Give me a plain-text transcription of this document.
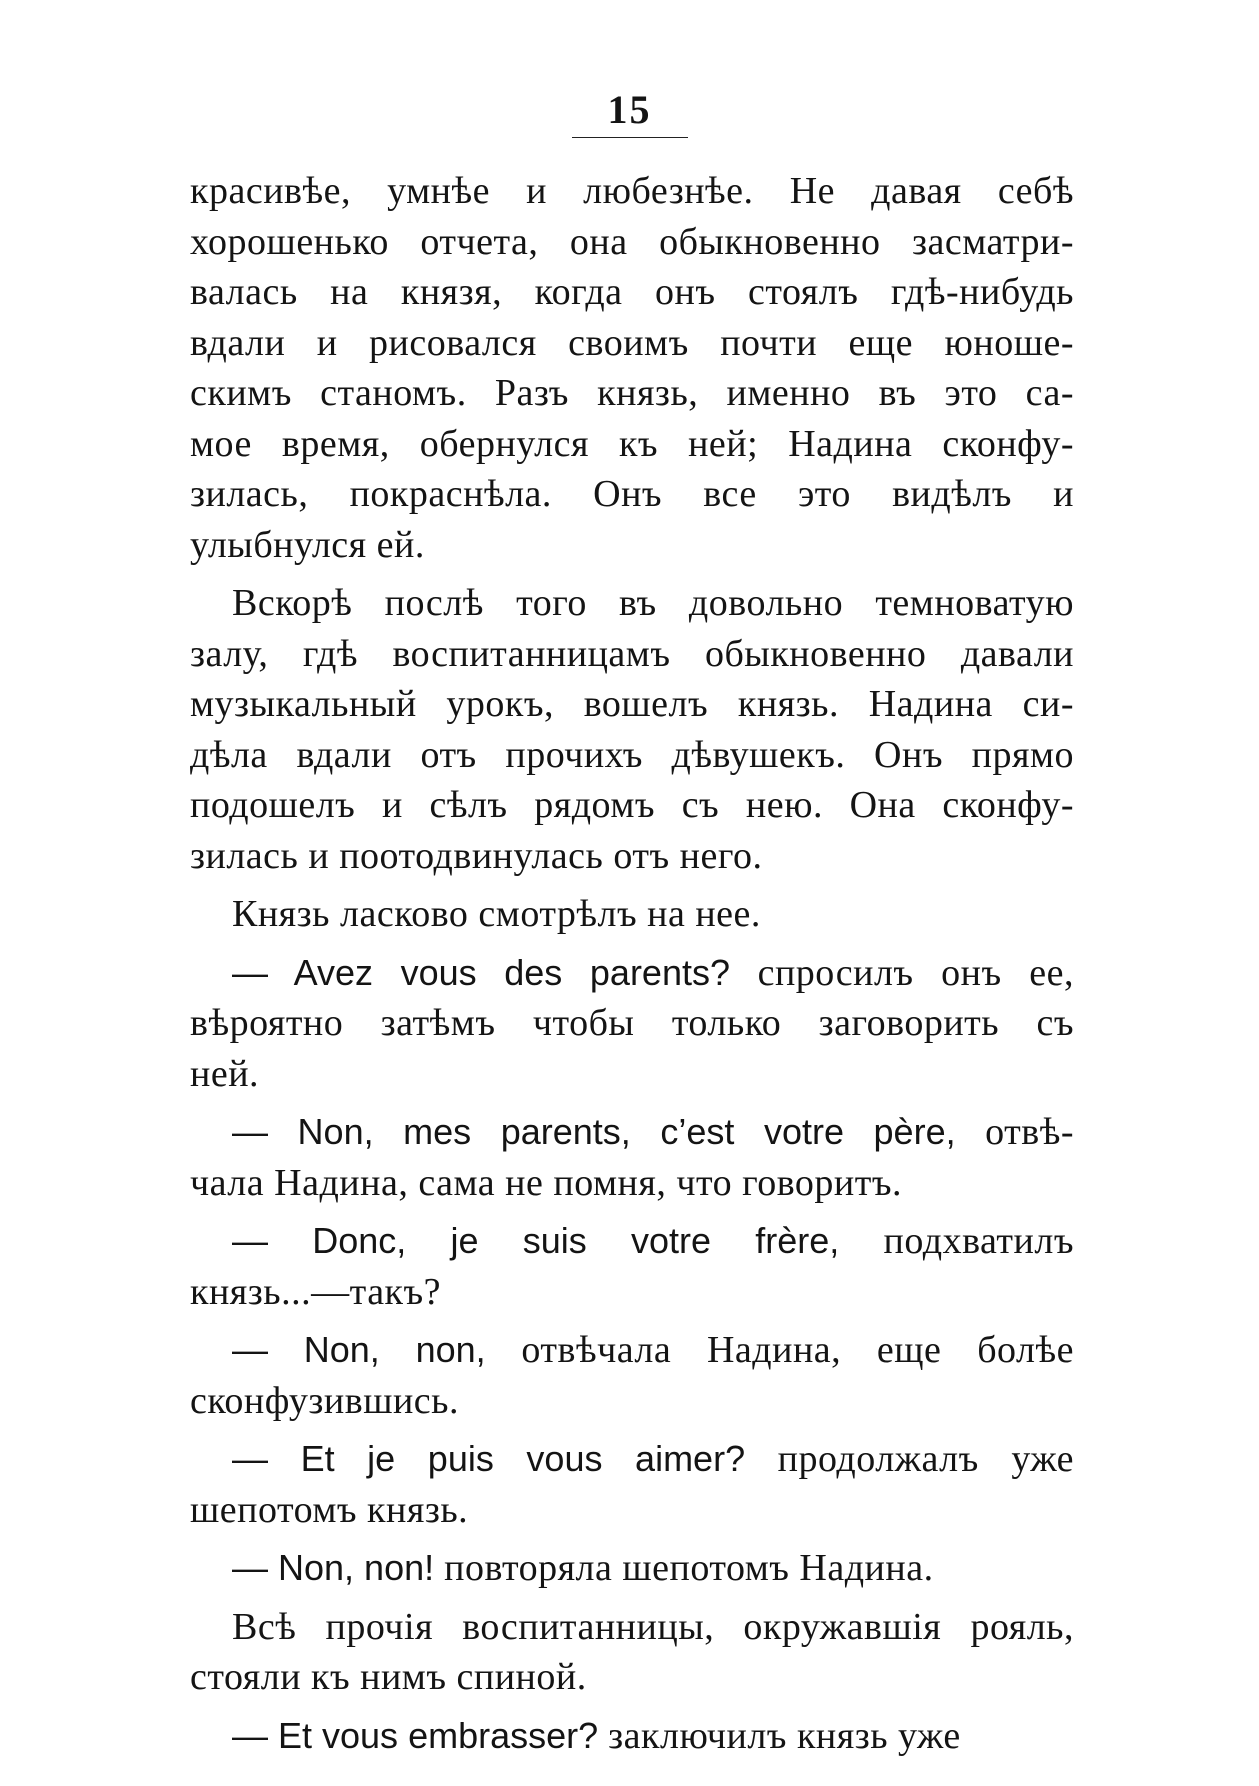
15
красивѣе, умнѣе и любезнѣе. Не давая себѣ
хорошенько отчета, она обыкновенно засматри-
валась на князя, когда онъ стоялъ гдѣ-нибудь
вдали и рисовался своимъ почти еще юноше-
скимъ станомъ. Разъ князь, именно въ это са-
мое время, обернулся къ ней; Надина сконфу-
зилась, покраснѣла. Онъ все это видѣлъ и
улыбнулся ей.
Вскорѣ послѣ того въ довольно темноватую
залу, гдѣ воспитанницамъ обыкновенно давали
музыкальный урокъ, вошелъ князь. Надина си-
дѣла вдали отъ прочихъ дѣвушекъ. Онъ прямо
подошелъ и сѣлъ рядомъ съ нею. Она сконфу-
зилась и поотодвинулась отъ него.
Князь ласково смотрѣлъ на нее.
— Avez vous des parents? спросилъ онъ ее,
вѣроятно затѣмъ чтобы только заговорить съ
ней.
— Non, mes parents, c’est votre père, отвѣ-
чала Надина, сама не помня, что говоритъ.
— Donc, je suis votre frère, подхватилъ
князь...—такъ?
— Non, non, отвѣчала Надина, еще болѣе
сконфузившись.
— Et je puis vous aimer? продолжалъ уже
шепотомъ князь.
— Non, non! повторяла шепотомъ Надина.
Всѣ прочія воспитанницы, окружавшія рояль,
стояли къ нимъ спиной.
— Et vous embrasser? заключилъ князь уже
